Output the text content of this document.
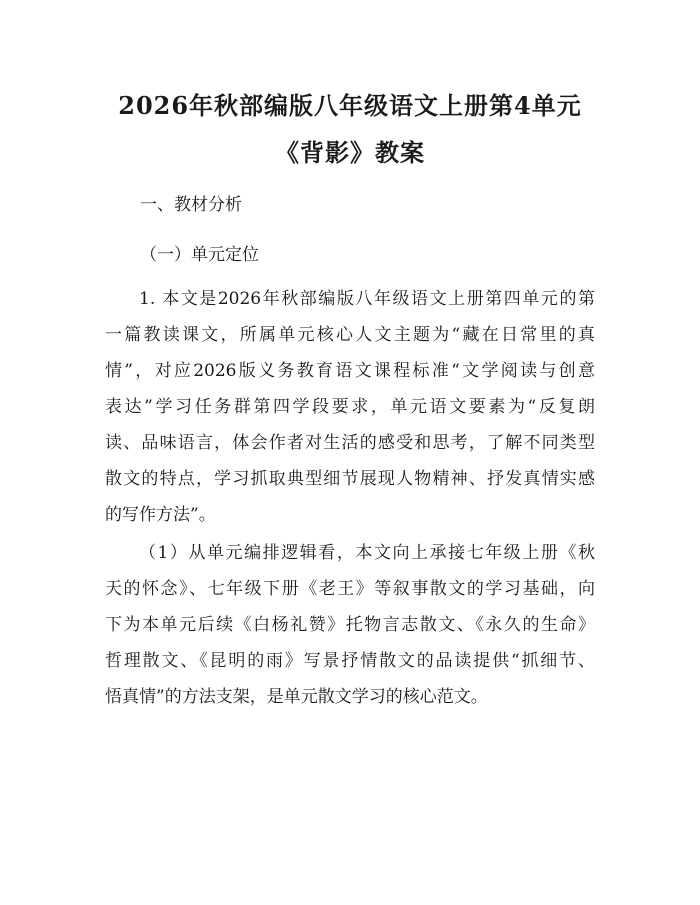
2026年秋部编版八年级语文上册第4单元
《背影》教案
一、教材分析
（一）单元定位
1. 本文是2026年秋部编版八年级语文上册第四单元的第
一篇教读课文，所属单元核心人文主题为“藏在日常里的真
情”，对应2026版义务教育语文课程标准“文学阅读与创意
表达”学习任务群第四学段要求，单元语文要素为“反复朗
读、品味语言，体会作者对生活的感受和思考，了解不同类型
散文的特点，学习抓取典型细节展现人物精神、抒发真情实感
的写作方法”。
（1）从单元编排逻辑看，本文向上承接七年级上册《秋
天的怀念》、七年级下册《老王》等叙事散文的学习基础，向
下为本单元后续《白杨礼赞》托物言志散文、《永久的生命》
哲理散文、《昆明的雨》写景抒情散文的品读提供“抓细节、
悟真情”的方法支架，是单元散文学习的核心范文。
